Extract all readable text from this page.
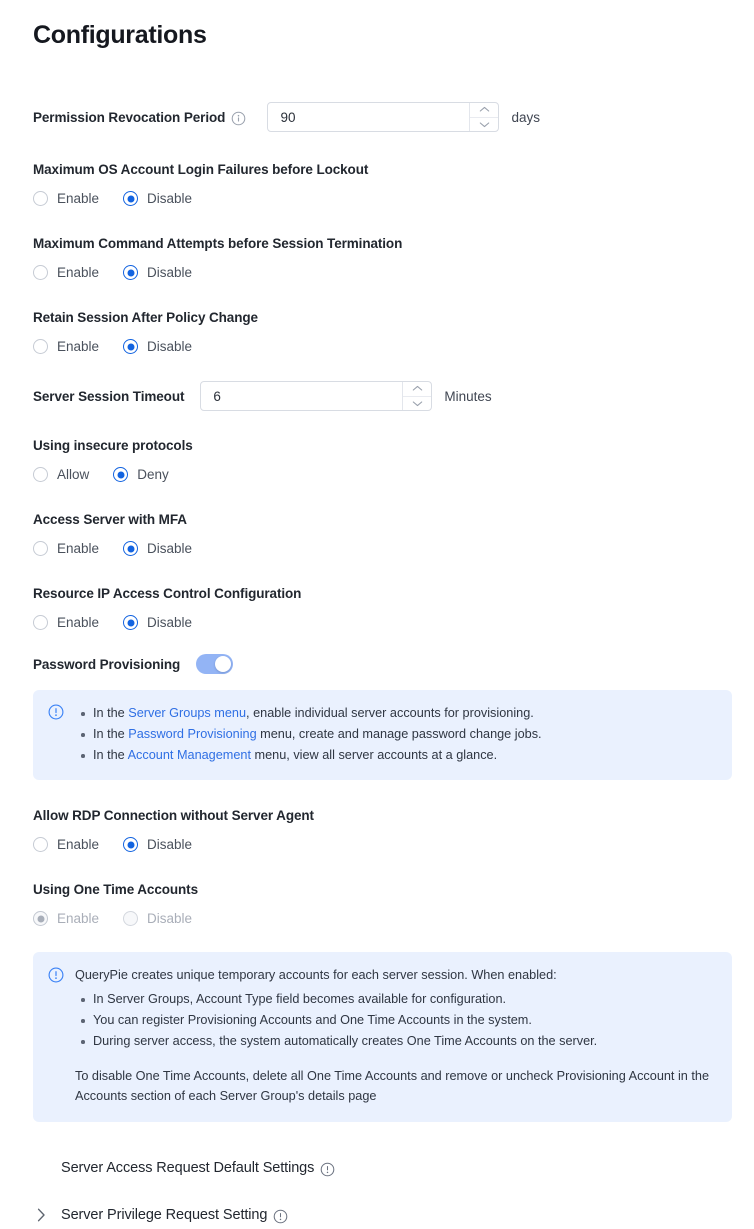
Configurations
Permission Revocation Period
90	days
Maximum OS Account Login Failures before Lockout
Enable	Disable
Maximum Command Attempts before Session Termination
Enable	Disable
Retain Session After Policy Change
Enable	Disable
Server Session Timeout
6	Minutes
Using insecure protocols
Allow	Deny
Access Server with MFA
Enable	Disable
Resource IP Access Control Configuration
Enable	Disable
Password Provisioning
In the Server Groups menu, enable individual server accounts for provisioning.
In the Password Provisioning menu, create and manage password change jobs.
In the Account Management menu, view all server accounts at a glance.
Allow RDP Connection without Server Agent
Enable	Disable
Using One Time Accounts
Enable	Disable

QueryPie creates unique temporary accounts for each server session. When enabled:

In Server Groups, Account Type field becomes available for configuration.
You can register Provisioning Accounts and One Time Accounts in the system.
During server access, the system automatically creates One Time Accounts on the server.

To disable One Time Accounts, delete all One Time Accounts and remove or uncheck Provisioning Account in the Accounts section of each Server Group's details page

Server Access Request Default Settings
Server Privilege Request Setting
